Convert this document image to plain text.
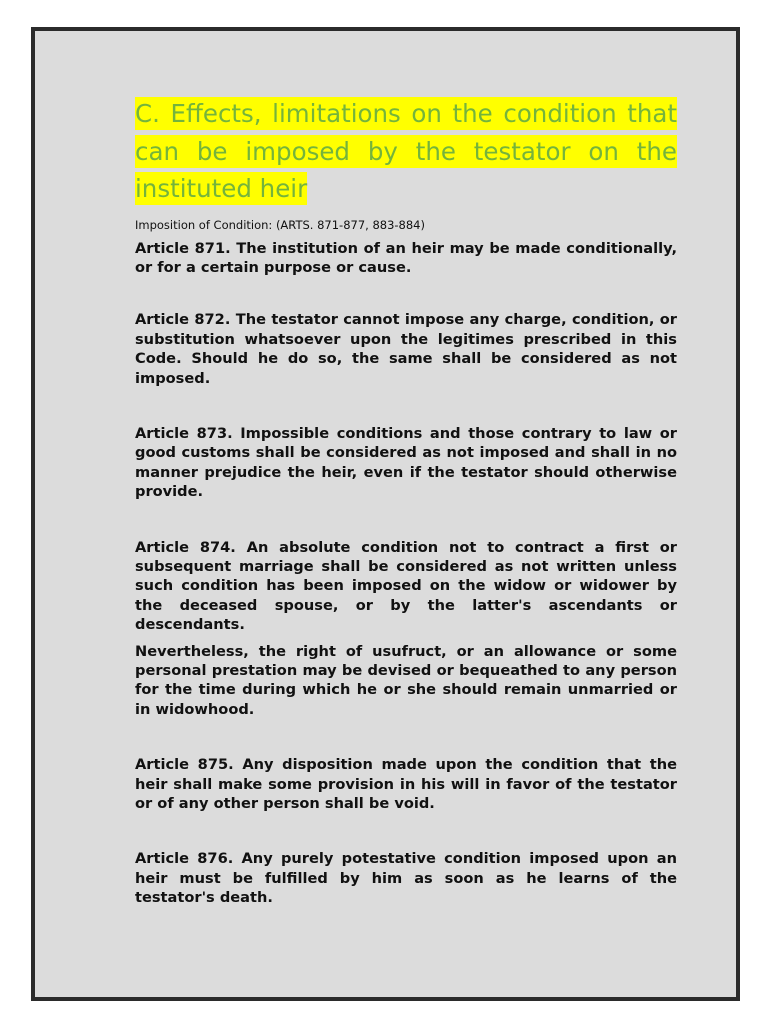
C. Effects, limitations on the condition that can be imposed by the testator on the instituted heir

Imposition of Condition: (ARTS. 871-877, 883-884)

Article 871. The institution of an heir may be made conditionally, or for a certain purpose or cause.

Article 872. The testator cannot impose any charge, condition, or substitution whatsoever upon the legitimes prescribed in this Code. Should he do so, the same shall be considered as not imposed.

Article 873. Impossible conditions and those contrary to law or good customs shall be considered as not imposed and shall in no manner prejudice the heir, even if the testator should otherwise provide.

Article 874. An absolute condition not to contract a first or subsequent marriage shall be considered as not written unless such condition has been imposed on the widow or widower by the deceased spouse, or by the latter's ascendants or descendants.

Nevertheless, the right of usufruct, or an allowance or some personal prestation may be devised or bequeathed to any person for the time during which he or she should remain unmarried or in widowhood.

Article 875. Any disposition made upon the condition that the heir shall make some provision in his will in favor of the testator or of any other person shall be void.

Article 876. Any purely potestative condition imposed upon an heir must be fulfilled by him as soon as he learns of the testator's death.
